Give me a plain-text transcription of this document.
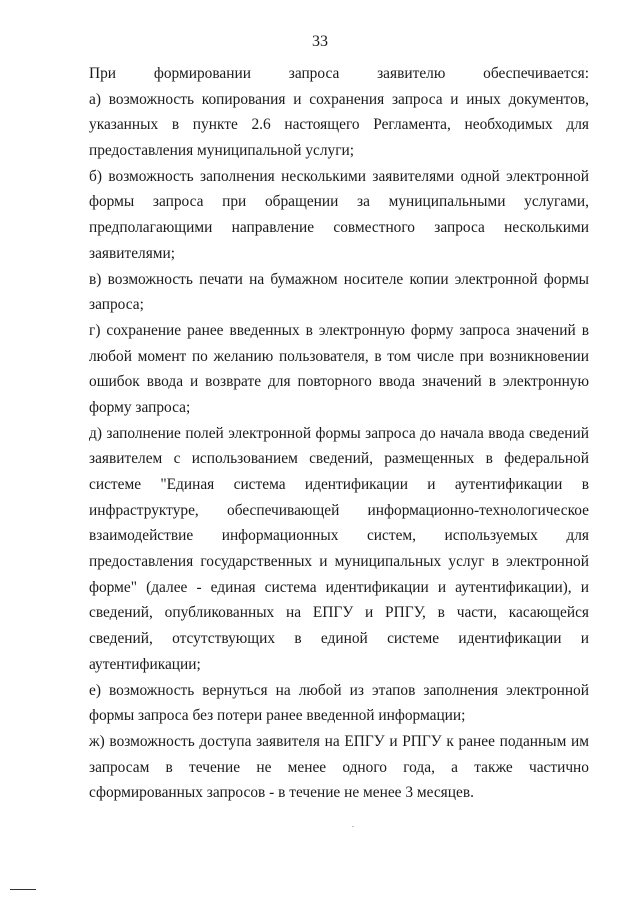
33
При формировании запроса заявителю обеспечивается:
а) возможность копирования и сохранения запроса и иных документов,
указанных в пункте 2.6 настоящего Регламента, необходимых для
предоставления муниципальной услуги;
б) возможность заполнения несколькими заявителями одной электронной
формы запроса при обращении за муниципальными услугами,
предполагающими направление совместного запроса несколькими
заявителями;
в) возможность печати на бумажном носителе копии электронной формы
запроса;
г) сохранение ранее введенных в электронную форму запроса значений в
любой момент по желанию пользователя, в том числе при возникновении
ошибок ввода и возврате для повторного ввода значений в электронную
форму запроса;
д) заполнение полей электронной формы запроса до начала ввода сведений
заявителем с использованием сведений, размещенных в федеральной
системе "Единая система идентификации и аутентификации в
инфраструктуре, обеспечивающей информационно-технологическое
взаимодействие информационных систем, используемых для
предоставления государственных и муниципальных услуг в электронной
форме" (далее - единая система идентификации и аутентификации), и
сведений, опубликованных на ЕПГУ и РПГУ, в части, касающейся
сведений, отсутствующих в единой системе идентификации и
аутентификации;
е) возможность вернуться на любой из этапов заполнения электронной
формы запроса без потери ранее введенной информации;
ж) возможность доступа заявителя на ЕПГУ и РПГУ к ранее поданным им
запросам в течение не менее одного года, а также частично
сформированных запросов - в течение не менее 3 месяцев.
